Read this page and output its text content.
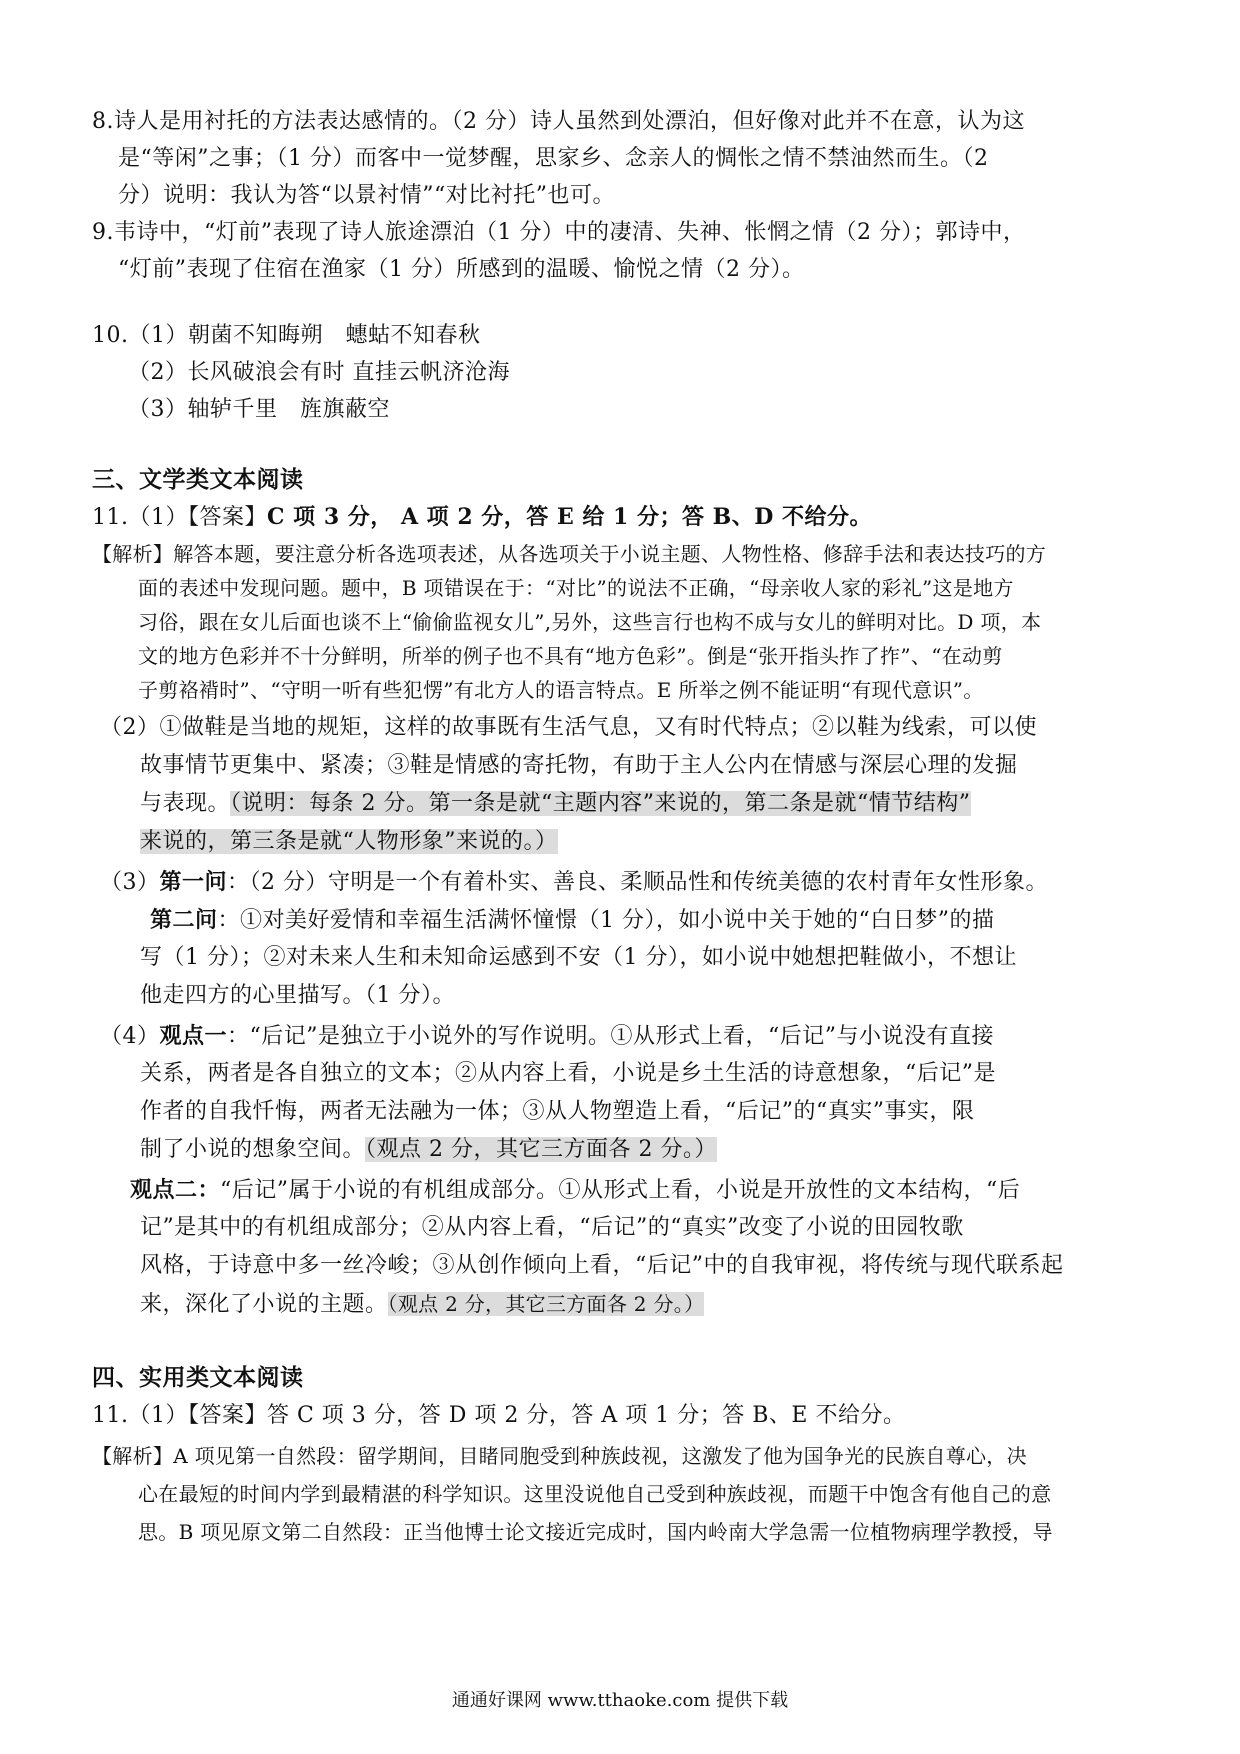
8.诗人是用衬托的方法表达感情的。（2 分）诗人虽然到处漂泊，但好像对此并不在意，认为这
是“等闲”之事；（1 分）而客中一觉梦醒，思家乡、念亲人的惆怅之情不禁油然而生。（2
分）说明：我认为答“以景衬情”“对比衬托”也可。
9.韦诗中，“灯前”表现了诗人旅途漂泊（1 分）中的凄清、失神、怅惘之情（2 分）；郭诗中，
“灯前”表现了住宿在渔家（1 分）所感到的温暖、愉悦之情（2 分）。
10.（1）朝菌不知晦朔　蟪蛄不知春秋
（2）长风破浪会有时 直挂云帆济沧海
（3）轴轳千里　旌旗蔽空
三、文学类文本阅读
11.（1）【答案】C 项 3 分， A 项 2 分，答 E 给 1 分；答 B、D 不给分。
【解析】解答本题，要注意分析各选项表述，从各选项关于小说主题、人物性格、修辞手法和表达技巧的方
面的表述中发现问题。题中，B 项错误在于：“对比”的说法不正确，“母亲收人家的彩礼”这是地方
习俗，跟在女儿后面也谈不上“偷偷监视女儿”,另外，这些言行也构不成与女儿的鲜明对比。D 项，本
文的地方色彩并不十分鲜明，所举的例子也不具有“地方色彩”。倒是“张开指头拃了拃”、“在动剪
子剪袼褙时”、“守明一听有些犯愣”有北方人的语言特点。E 所举之例不能证明“有现代意识”。
（2）①做鞋是当地的规矩，这样的故事既有生活气息，又有时代特点；②以鞋为线索，可以使
故事情节更集中、紧凑；③鞋是情感的寄托物，有助于主人公内在情感与深层心理的发掘
与表现。（说明：每条 2 分。第一条是就“主题内容”来说的，第二条是就“情节结构”
来说的，第三条是就“人物形象”来说的。）
（3）第一问：（2 分）守明是一个有着朴实、善良、柔顺品性和传统美德的农村青年女性形象。
第二问：①对美好爱情和幸福生活满怀憧憬（1 分），如小说中关于她的“白日梦”的描
写（1 分）；②对未来人生和未知命运感到不安（1 分），如小说中她想把鞋做小，不想让
他走四方的心里描写。（1 分）。
（4）观点一：“后记”是独立于小说外的写作说明。①从形式上看，“后记”与小说没有直接
关系，两者是各自独立的文本；②从内容上看，小说是乡土生活的诗意想象，“后记”是
作者的自我忏悔，两者无法融为一体；③从人物塑造上看，“后记”的“真实”事实，限
制了小说的想象空间。（观点 2 分，其它三方面各 2 分。）
观点二：“后记”属于小说的有机组成部分。①从形式上看，小说是开放性的文本结构，“后
记”是其中的有机组成部分；②从内容上看，“后记”的“真实”改变了小说的田园牧歌
风格，于诗意中多一丝冷峻；③从创作倾向上看，“后记”中的自我审视，将传统与现代联系起
来，深化了小说的主题。（观点 2 分，其它三方面各 2 分。）
四、实用类文本阅读
11.（1）【答案】答 C 项 3 分，答 D 项 2 分，答 A 项 1 分；答 B、E 不给分。
【解析】A 项见第一自然段：留学期间，目睹同胞受到种族歧视，这激发了他为国争光的民族自尊心，决
心在最短的时间内学到最精湛的科学知识。这里没说他自己受到种族歧视，而题干中饱含有他自己的意
思。B 项见原文第二自然段：正当他博士论文接近完成时，国内岭南大学急需一位植物病理学教授，导
通通好课网 www.tthaoke.com 提供下载
